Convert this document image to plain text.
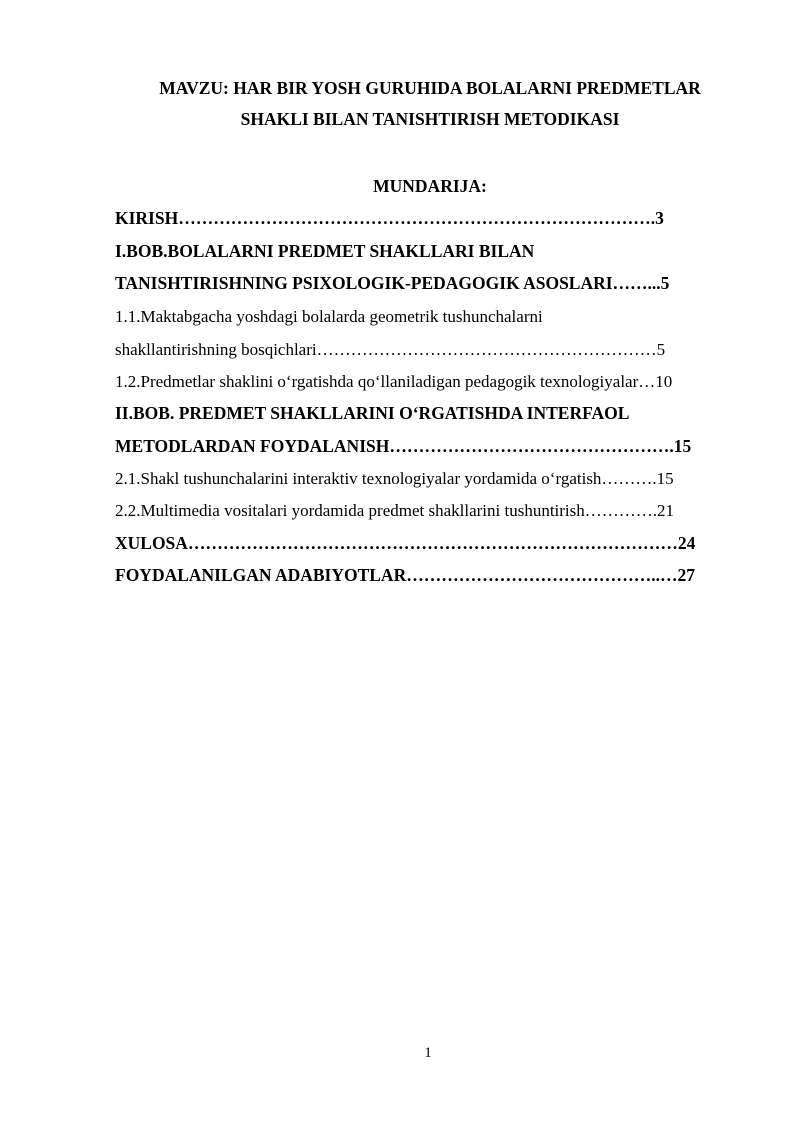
MAVZU: HAR BIR YOSH GURUHIDA BOLALARNI PREDMETLAR
SHAKLI BILAN TANISHTIRISH METODIKASI
MUNDARIJA:
KIRISH……………………………………………………………………….3
I.BOB.BOLALARNI PREDMET SHAKLLARI BILAN
TANISHTIRISHNING PSIXOLOGIK-PEDAGOGIK ASOSLARI……...5
1.1.Maktabgacha yoshdagi bolalarda geometrik tushunchalarni
shakllantirishning bosqichlari……………………………………………………5
1.2.Predmetlar shaklini o‘rgatishda qo‘llaniladigan pedagogik texnologiyalar…10
II.BOB. PREDMET SHAKLLARINI O‘RGATISHDA INTERFAOL
METODLARDAN FOYDALANISH………………………………………….15
2.1.Shakl tushunchalarini interaktiv texnologiyalar yordamida o‘rgatish……….15
2.2.Multimedia vositalari yordamida predmet shakllarini tushuntirish………….21
XULOSA…………………………………………………………………………24
FOYDALANILGAN ADABIYOTLAR……………………………………..…27
1
